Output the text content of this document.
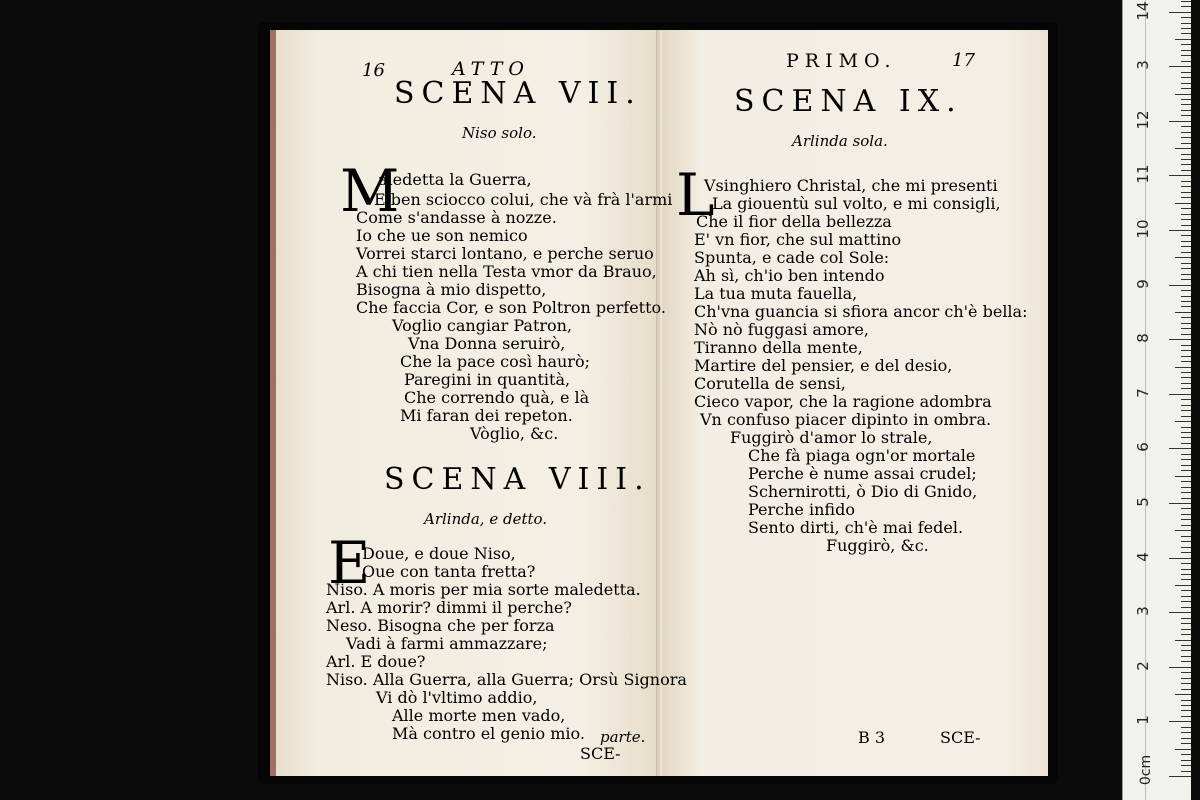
16	ATTO
SCENA VII.
Niso solo.
M
aledetta la Guerra,
E ben sciocco colui, che và frà l'armi
Come s'andasse à nozze.
Io che ue son nemico
Vorrei starci lontano, e perche seruo
A chi tien nella Testa vmor da Brauo,
Bisogna à mio dispetto,
Che faccia Cor, e son Poltron perfetto.
Voglio cangiar Patron,
Vna Donna seruirò,
Che la pace così haurò;
Paregini in quantità,
Che correndo quà, e là
Mi faran dei repeton.
Vòglio, &c.
SCENA VIII.
Arlinda, e detto.
E
Doue, e doue Niso,
Oue con tanta fretta?
Niso. A moris per mia sorte maledetta.
Arl. A morir? dimmi il perche?
Neso. Bisogna che per forza
Vadi à farmi ammazzare;
Arl. E doue?
Niso. Alla Guerra, alla Guerra; Orsù Signora
Vi dò l'vltimo addio,
Alle morte men vado,
Mà contro el genio mio. parte.
SCE-
PRIMO.	17
SCENA IX.
Arlinda sola.
L
Vsinghiero Christal, che mi presenti
La giouentù sul volto, e mi consigli,
Che il fior della bellezza
E' vn fior, che sul mattino
Spunta, e cade col Sole:
Ah sì, ch'io ben intendo
La tua muta fauella,
Ch'vna guancia si sfiora ancor ch'è bella:
Nò nò fuggasi amore,
Tiranno della mente,
Martire del pensier, e del desio,
Corutella de sensi,
Cieco vapor, che la ragione adombra
Vn confuso piacer dipinto in ombra.
Fuggirò d'amor lo strale,
Che fà piaga ogn'or mortale
Perche è nume assai crudel;
Schernirotti, ò Dio di Gnido,
Perche infido
Sento dirti, ch'è mai fedel.
Fuggirò, &c.
B 3	SCE-
1
2
3
4
5
6
7
8
9
10
11
12
3
14
0cm
